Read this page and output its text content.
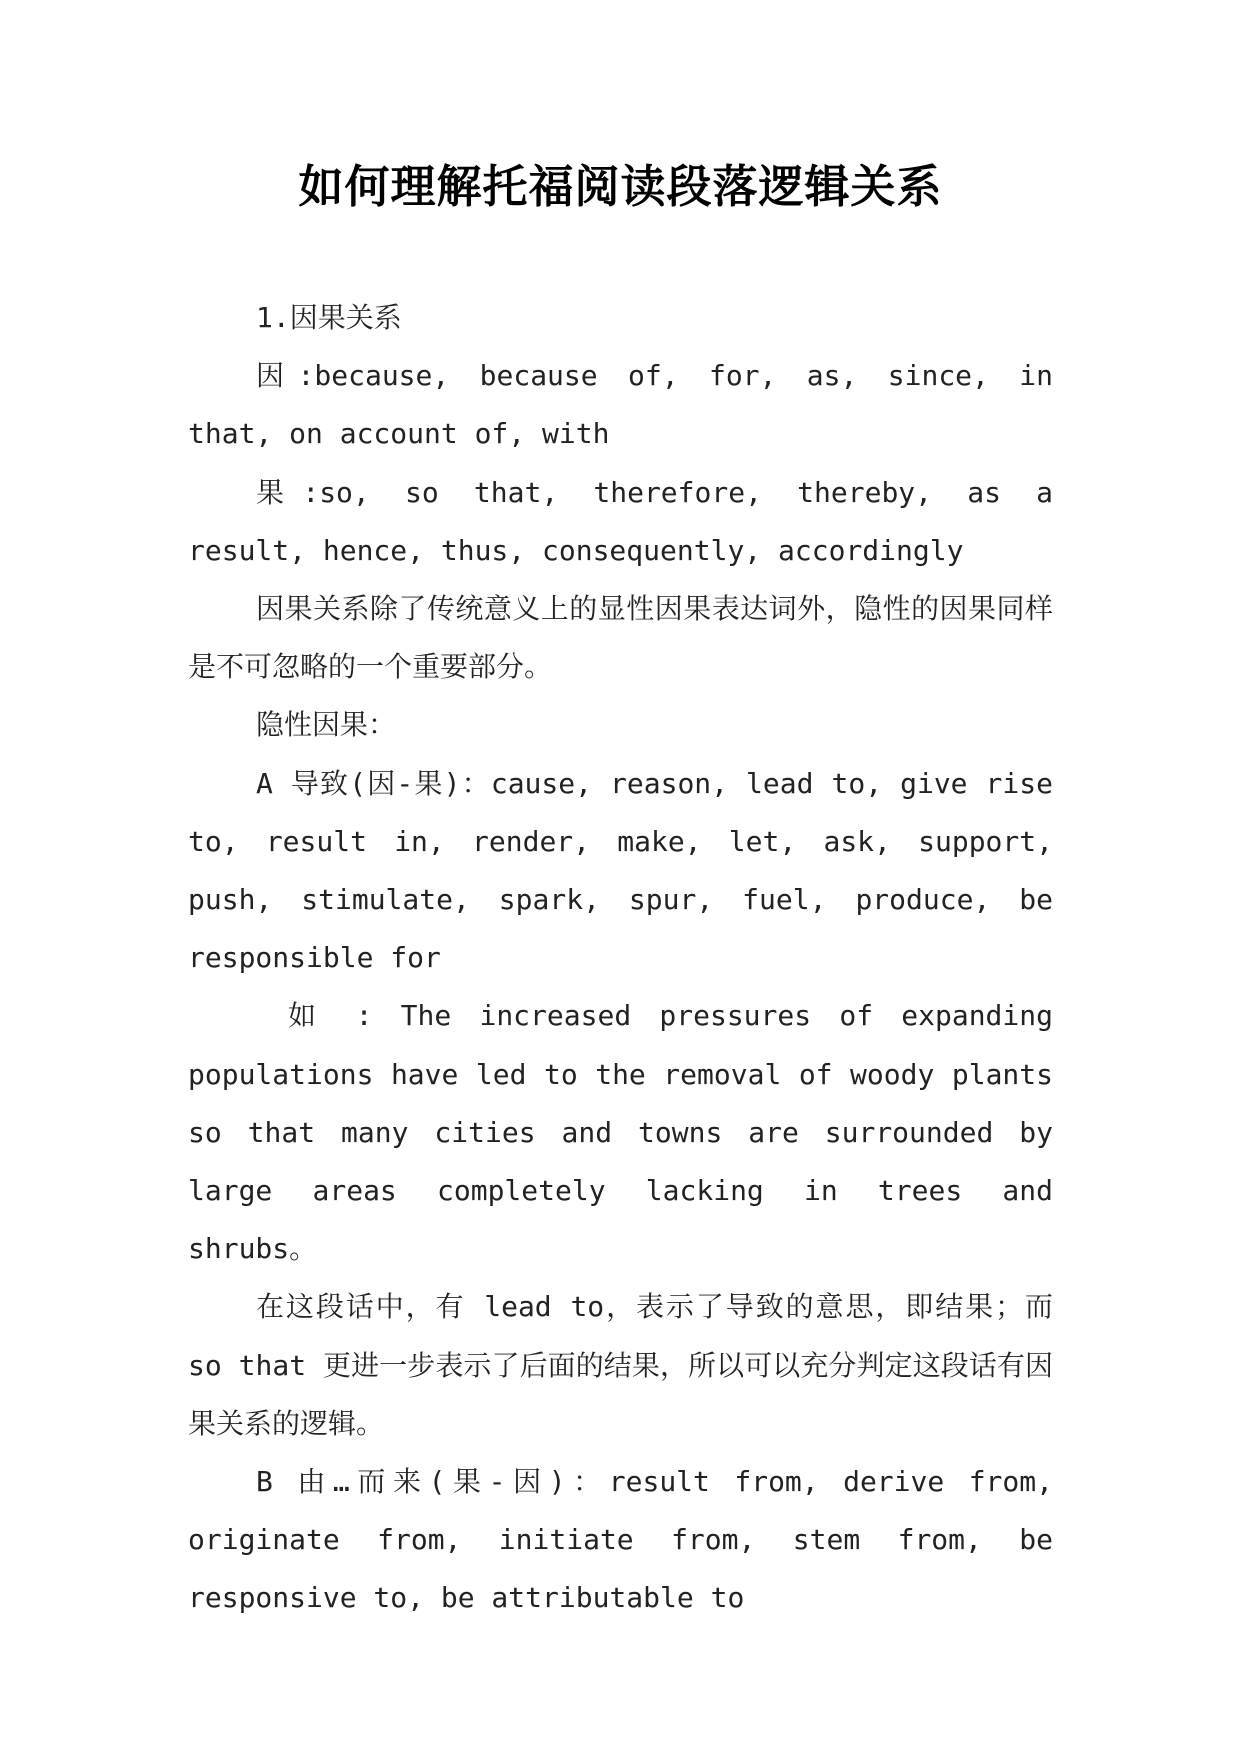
如何理解托福阅读段落逻辑关系

1.因果关系

因:because, because of, for, as, since, in that, on account of, with

果:so, so that, therefore, thereby, as a result, hence, thus, consequently, accordingly

因果关系除了传统意义上的显性因果表达词外，隐性的因果同样是不可忽略的一个重要部分。

隐性因果：

A 导致(因-果)：cause, reason, lead to, give rise to, result in, render, make, let, ask, support, push, stimulate, spark, spur, fuel, produce, be responsible for

如 : The increased pressures of expanding populations have led to the removal of woody plants so that many cities and towns are surrounded by large areas completely lacking in trees and shrubs。

在这段话中，有 lead to，表示了导致的意思，即结果；而 so that 更进一步表示了后面的结果，所以可以充分判定这段话有因果关系的逻辑。

B 由…而来(果-因)：result from, derive from, originate from, initiate from, stem from, be responsive to, be attributable to
